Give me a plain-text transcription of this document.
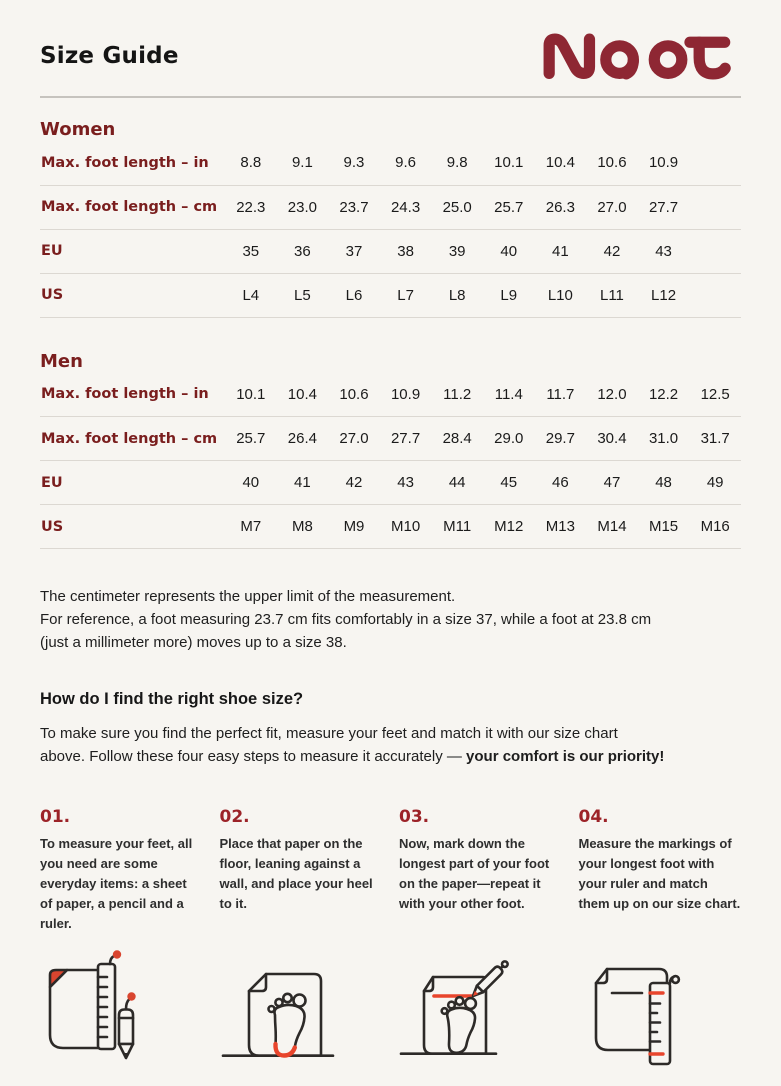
Size Guide
Women
Max. foot length – in	8.8	9.1	9.3	9.6	9.8	10.1	10.4	10.6	10.9	
Max. foot length – cm	22.3	23.0	23.7	24.3	25.0	25.7	26.3	27.0	27.7	
EU	35	36	37	38	39	40	41	42	43	
US	L4	L5	L6	L7	L8	L9	L10	L11	L12	
Men
Max. foot length – in	10.1	10.4	10.6	10.9	11.2	11.4	11.7	12.0	12.2	12.5
Max. foot length – cm	25.7	26.4	27.0	27.7	28.4	29.0	29.7	30.4	31.0	31.7
EU	40	41	42	43	44	45	46	47	48	49
US	M7	M8	M9	M10	M11	M12	M13	M14	M15	M16
The centimeter represents the upper limit of the measurement.
For reference, a foot measuring 23.7 cm fits comfortably in a size 37, while a foot at 23.8 cm
(just a millimeter more) moves up to a size 38.
How do I find the right shoe size?
To make sure you find the perfect fit, measure your feet and match it with our size chart
above. Follow these four easy steps to measure it accurately — your comfort is our priority!
01.
To measure your feet, all you need are some everyday items: a sheet of paper, a pencil and a ruler.
02.
Place that paper on the floor, leaning against a wall, and place your heel to it.
03.
Now, mark down the longest part of your foot on the paper—repeat it with your other foot.
04.
Measure the markings of your longest foot with your ruler and match them up on our size chart.
